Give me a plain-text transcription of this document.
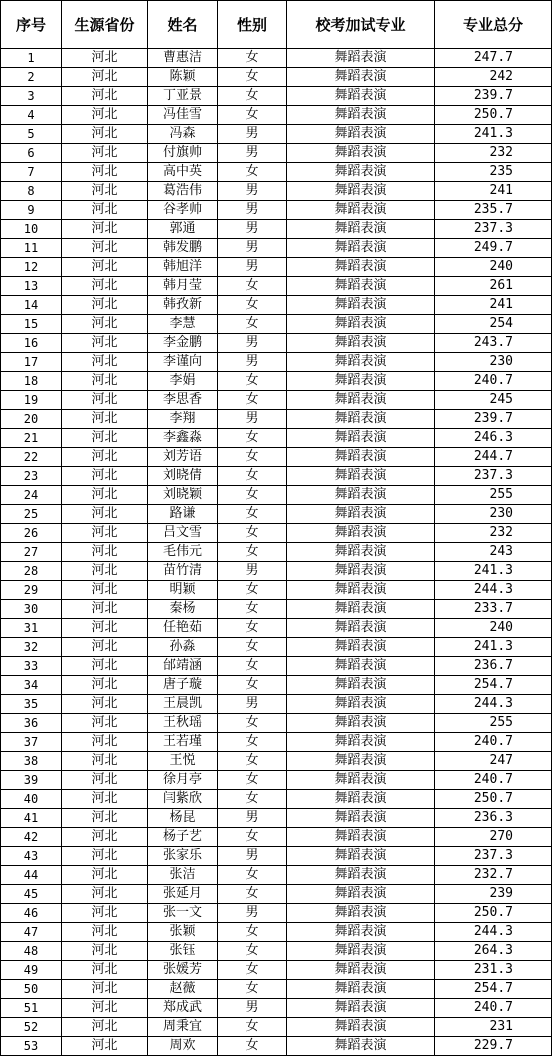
序号	生源省份	姓名	性别	校考加试专业	专业总分
1	河北	曹惠洁	女	舞蹈表演	247.7
2	河北	陈颖	女	舞蹈表演	242
3	河北	丁亚景	女	舞蹈表演	239.7
4	河北	冯佳雪	女	舞蹈表演	250.7
5	河北	冯森	男	舞蹈表演	241.3
6	河北	付旗帅	男	舞蹈表演	232
7	河北	高中英	女	舞蹈表演	235
8	河北	葛浩伟	男	舞蹈表演	241
9	河北	谷孝帅	男	舞蹈表演	235.7
10	河北	郭通	男	舞蹈表演	237.3
11	河北	韩发鹏	男	舞蹈表演	249.7
12	河北	韩旭洋	男	舞蹈表演	240
13	河北	韩月莹	女	舞蹈表演	261
14	河北	韩孜新	女	舞蹈表演	241
15	河北	李慧	女	舞蹈表演	254
16	河北	李金鹏	男	舞蹈表演	243.7
17	河北	李谨向	男	舞蹈表演	230
18	河北	李娟	女	舞蹈表演	240.7
19	河北	李思香	女	舞蹈表演	245
20	河北	李翔	男	舞蹈表演	239.7
21	河北	李鑫淼	女	舞蹈表演	246.3
22	河北	刘芳语	女	舞蹈表演	244.7
23	河北	刘晓倩	女	舞蹈表演	237.3
24	河北	刘晓颖	女	舞蹈表演	255
25	河北	路谦	女	舞蹈表演	230
26	河北	吕文雪	女	舞蹈表演	232
27	河北	毛伟元	女	舞蹈表演	243
28	河北	苗竹清	男	舞蹈表演	241.3
29	河北	明颖	女	舞蹈表演	244.3
30	河北	秦杨	女	舞蹈表演	233.7
31	河北	任艳茹	女	舞蹈表演	240
32	河北	孙淼	女	舞蹈表演	241.3
33	河北	邰靖涵	女	舞蹈表演	236.7
34	河北	唐子璇	女	舞蹈表演	254.7
35	河北	王晨凯	男	舞蹈表演	244.3
36	河北	王秋瑶	女	舞蹈表演	255
37	河北	王若瑾	女	舞蹈表演	240.7
38	河北	王悦	女	舞蹈表演	247
39	河北	徐月亭	女	舞蹈表演	240.7
40	河北	闫紫欣	女	舞蹈表演	250.7
41	河北	杨昆	男	舞蹈表演	236.3
42	河北	杨子艺	女	舞蹈表演	270
43	河北	张家乐	男	舞蹈表演	237.3
44	河北	张洁	女	舞蹈表演	232.7
45	河北	张延月	女	舞蹈表演	239
46	河北	张一文	男	舞蹈表演	250.7
47	河北	张颖	女	舞蹈表演	244.3
48	河北	张钰	女	舞蹈表演	264.3
49	河北	张媛芳	女	舞蹈表演	231.3
50	河北	赵薇	女	舞蹈表演	254.7
51	河北	郑成武	男	舞蹈表演	240.7
52	河北	周秉宜	女	舞蹈表演	231
53	河北	周欢	女	舞蹈表演	229.7
